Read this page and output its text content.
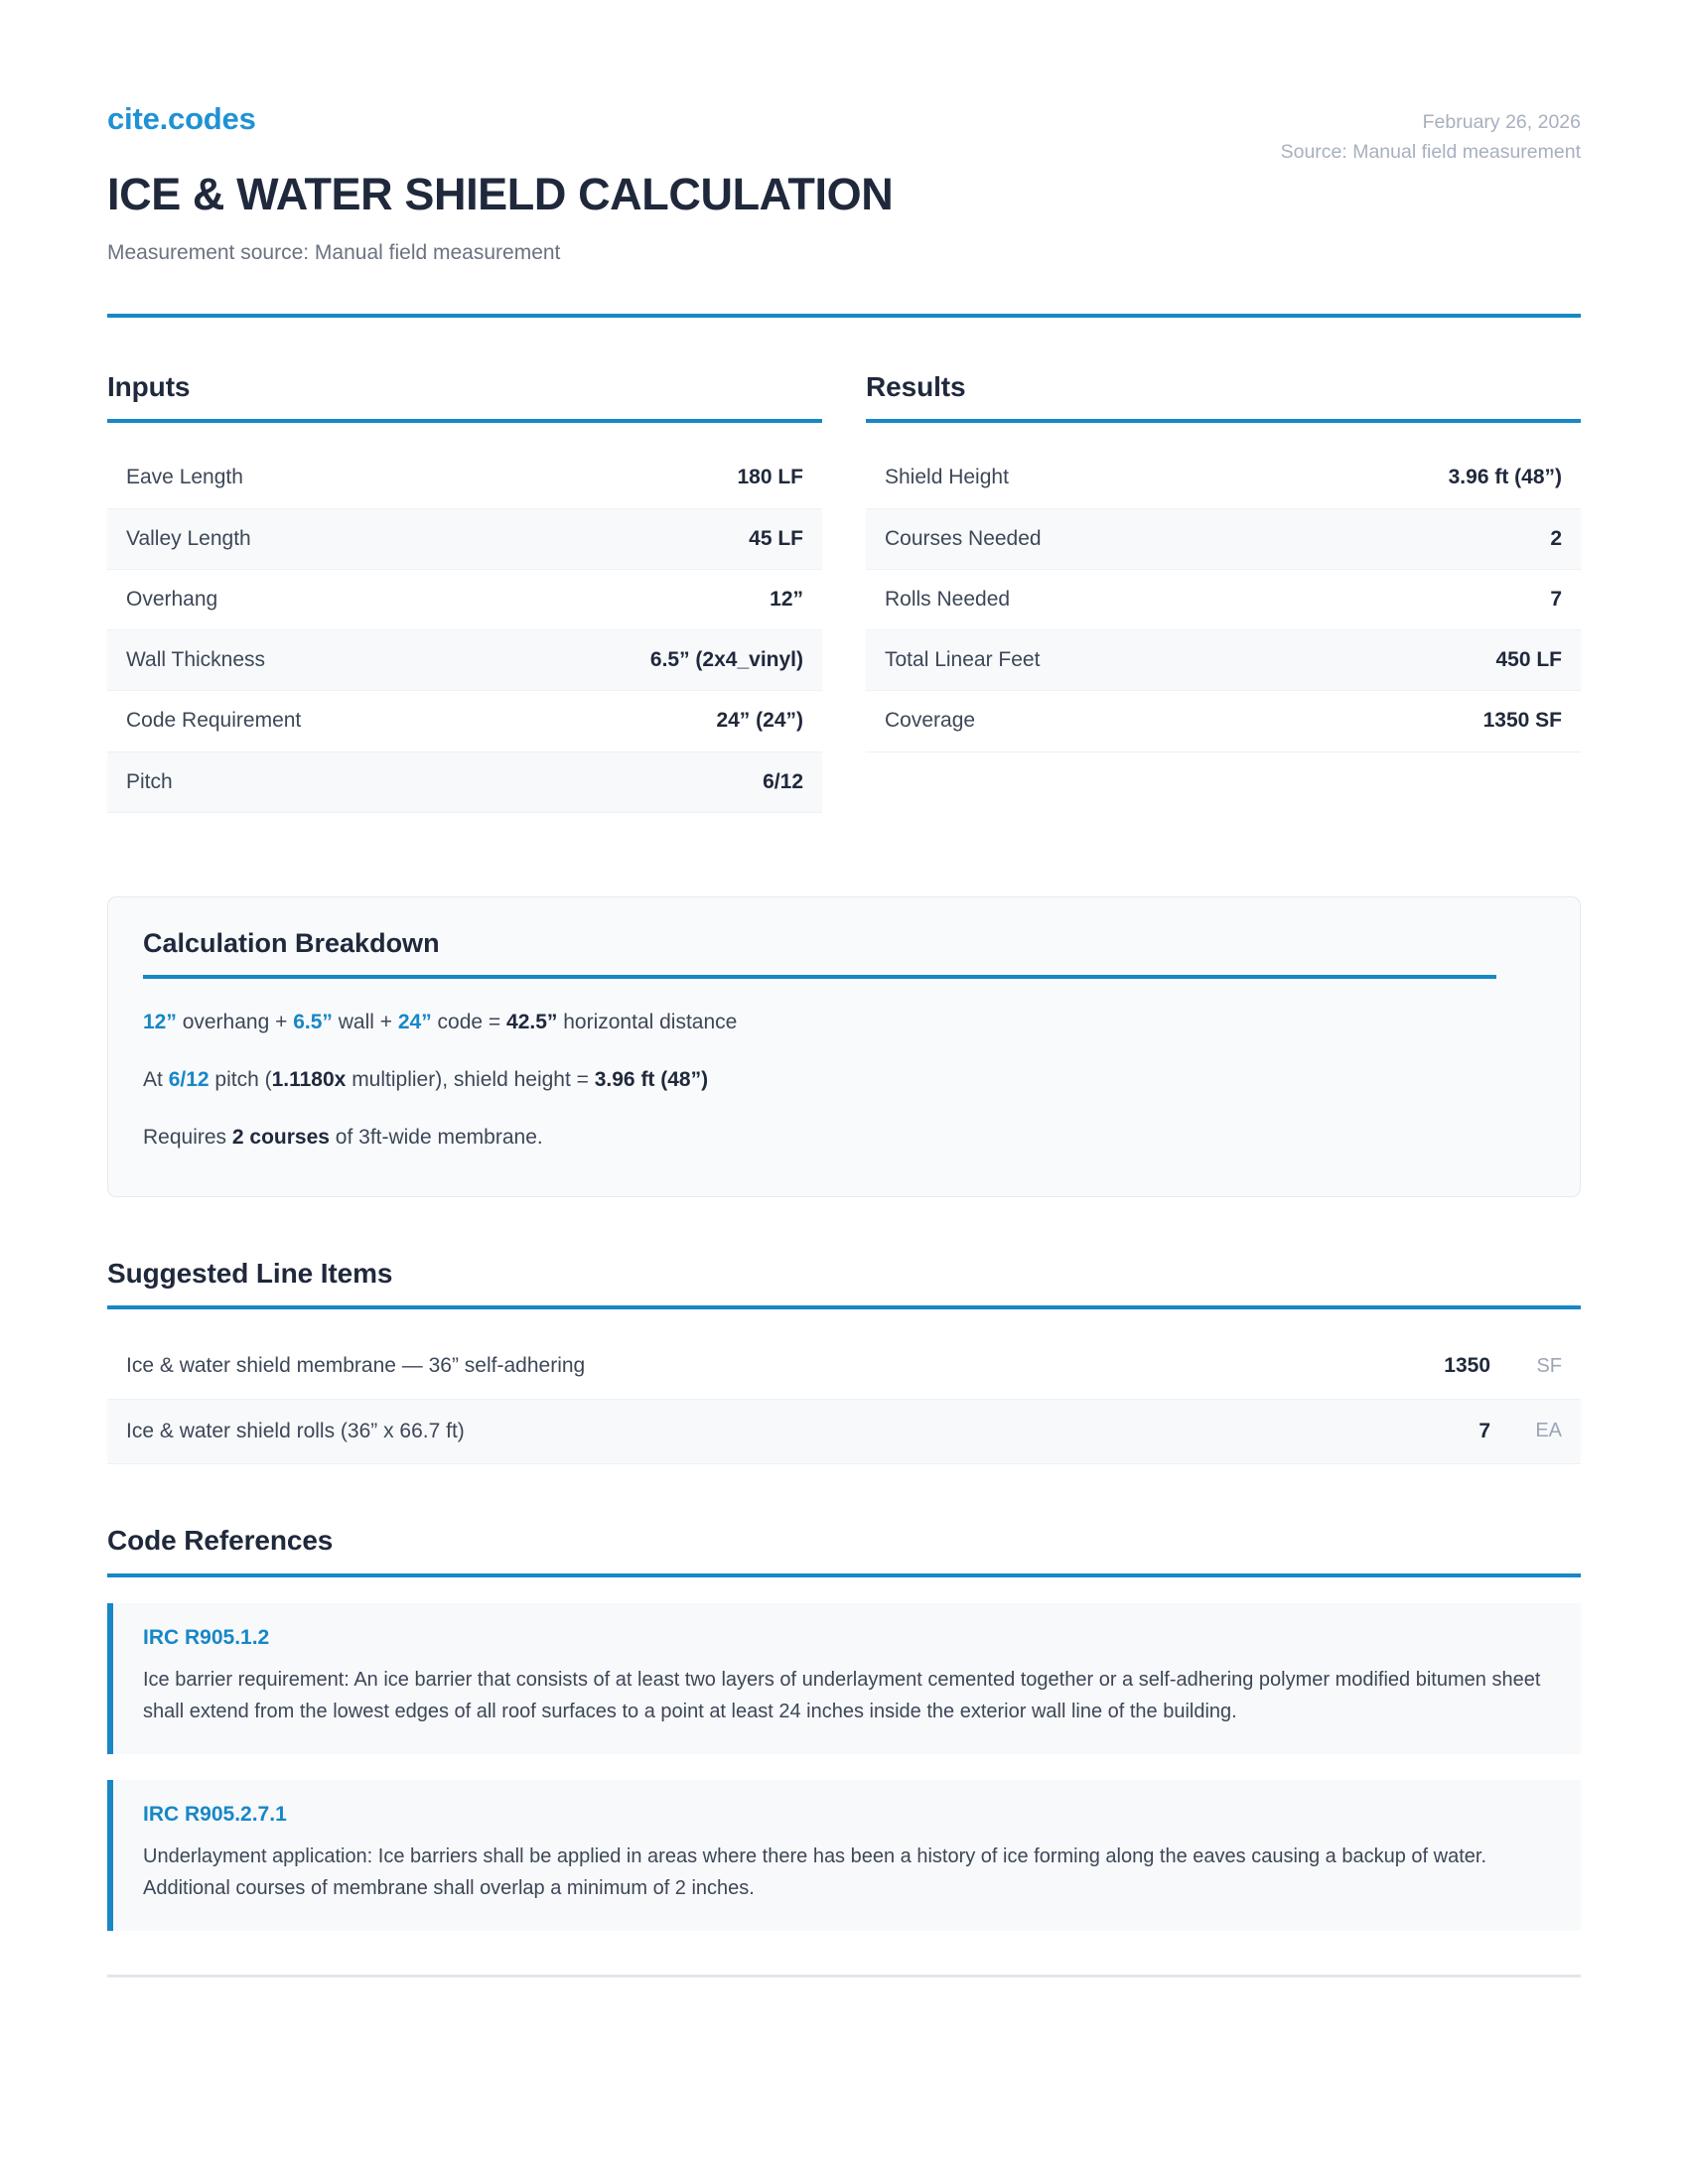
cite.codes	February 26, 2026
Source: Manual field measurement
ICE & WATER SHIELD CALCULATION
Measurement source: Manual field measurement
Inputs
Eave Length	180 LF
Valley Length	45 LF
Overhang	12”
Wall Thickness	6.5” (2x4_vinyl)
Code Requirement	24” (24”)
Pitch	6/12
Results
Shield Height	3.96 ft (48”)
Courses Needed	2
Rolls Needed	7
Total Linear Feet	450 LF
Coverage	1350 SF
Calculation Breakdown
12” overhang + 6.5” wall + 24” code = 42.5” horizontal distance
At 6/12 pitch (1.1180x multiplier), shield height = 3.96 ft (48”)
Requires 2 courses of 3ft-wide membrane.
Suggested Line Items
Ice & water shield membrane — 36” self-adhering	1350	SF
Ice & water shield rolls (36” x 66.7 ft)	7	EA
Code References
IRC R905.1.2
Ice barrier requirement: An ice barrier that consists of at least two layers of underlayment cemented together or a self-adhering polymer modified bitumen sheet shall extend from the lowest edges of all roof surfaces to a point at least 24 inches inside the exterior wall line of the building.
IRC R905.2.7.1
Underlayment application: Ice barriers shall be applied in areas where there has been a history of ice forming along the eaves causing a backup of water. Additional courses of membrane shall overlap a minimum of 2 inches.
